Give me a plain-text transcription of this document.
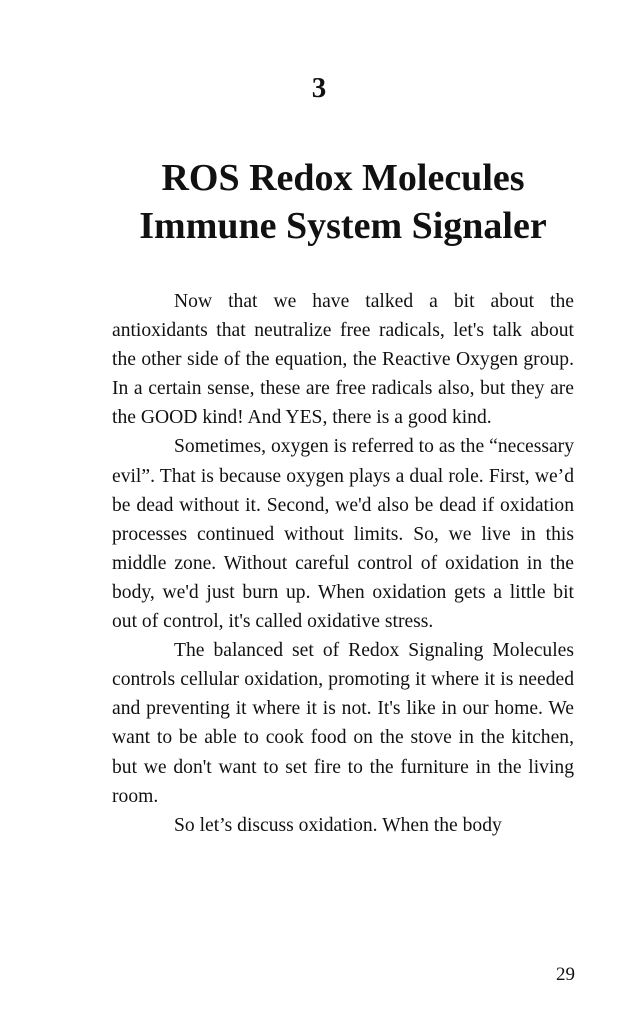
3
ROS Redox Molecules
Immune System Signaler

Now that we have talked a bit about the antioxidants that neutralize free radicals, let's talk about the other side of the equation, the Reactive Oxygen group. In a certain sense, these are free radicals also, but they are the GOOD kind! And YES, there is a good kind.

Sometimes, oxygen is referred to as the “necessary evil”. That is because oxygen plays a dual role. First, we’d be dead without it. Second, we'd also be dead if oxidation processes continued without limits. So, we live in this middle zone. Without careful control of oxidation in the body, we'd just burn up. When oxidation gets a little bit out of control, it's called oxidative stress.

The balanced set of Redox Signaling Molecules controls cellular oxidation, promoting it where it is needed and preventing it where it is not. It's like in our home. We want to be able to cook food on the stove in the kitchen, but we don't want to set fire to the furniture in the living room.

So let’s discuss oxidation. When the body

29
